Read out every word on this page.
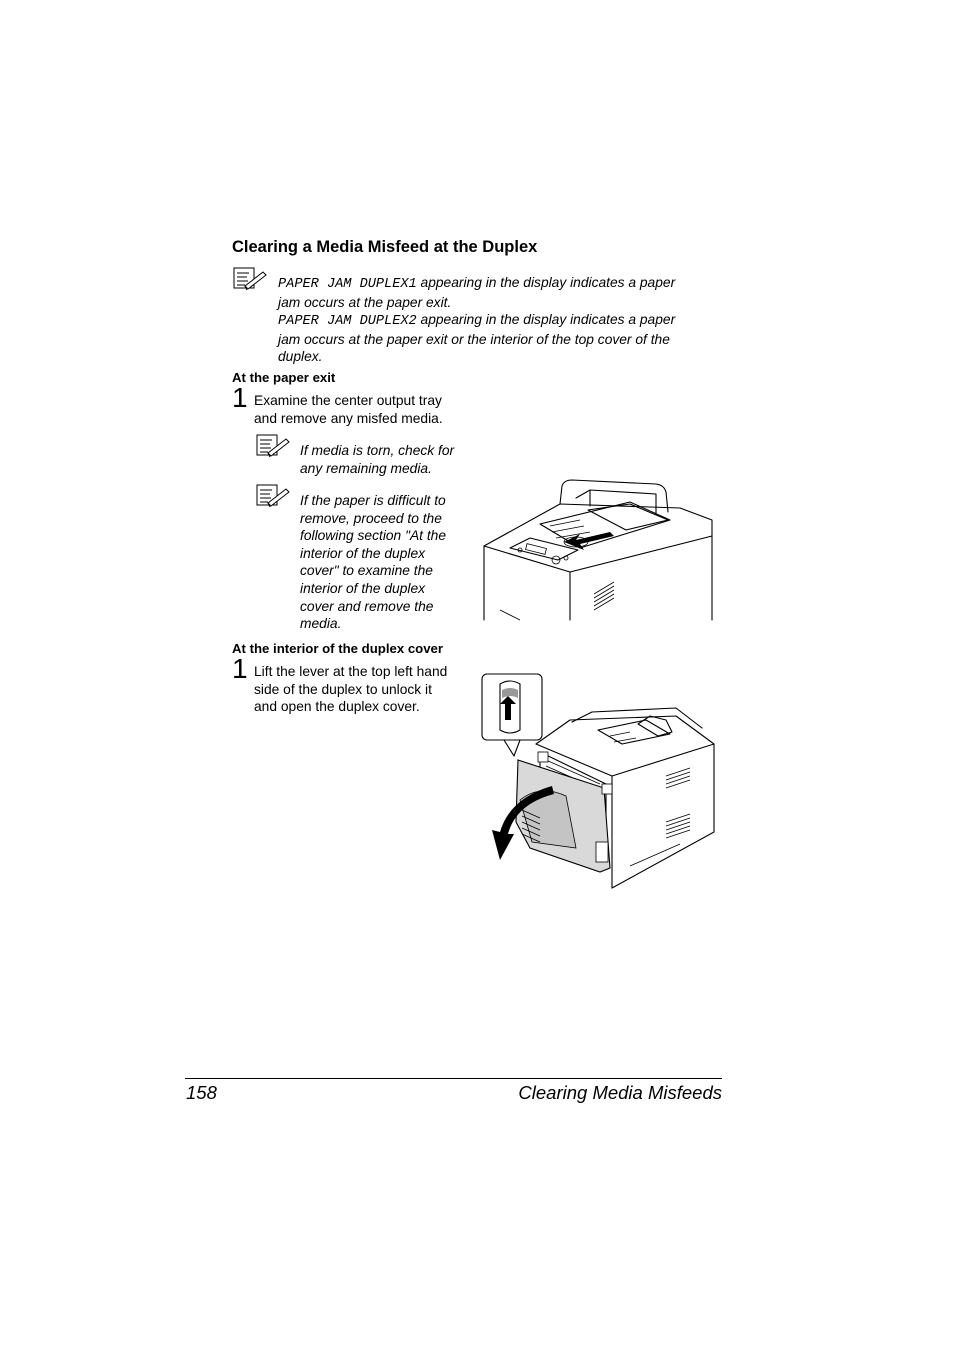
Clearing a Media Misfeed at the Duplex
PAPER JAM DUPLEX1 appearing in the display indicates a paper
jam occurs at the paper exit.
PAPER JAM DUPLEX2 appearing in the display indicates a paper
jam occurs at the paper exit or the interior of the top cover of the
duplex.
At the paper exit
1 Examine the center output tray
and remove any misfed media.
If media is torn, check for
any remaining media.
If the paper is difficult to
remove, proceed to the
following section "At the
interior of the duplex
cover" to examine the
interior of the duplex
cover and remove the
media.
At the interior of the duplex cover
1 Lift the lever at the top left hand
side of the duplex to unlock it
and open the duplex cover.
158	Clearing Media Misfeeds
